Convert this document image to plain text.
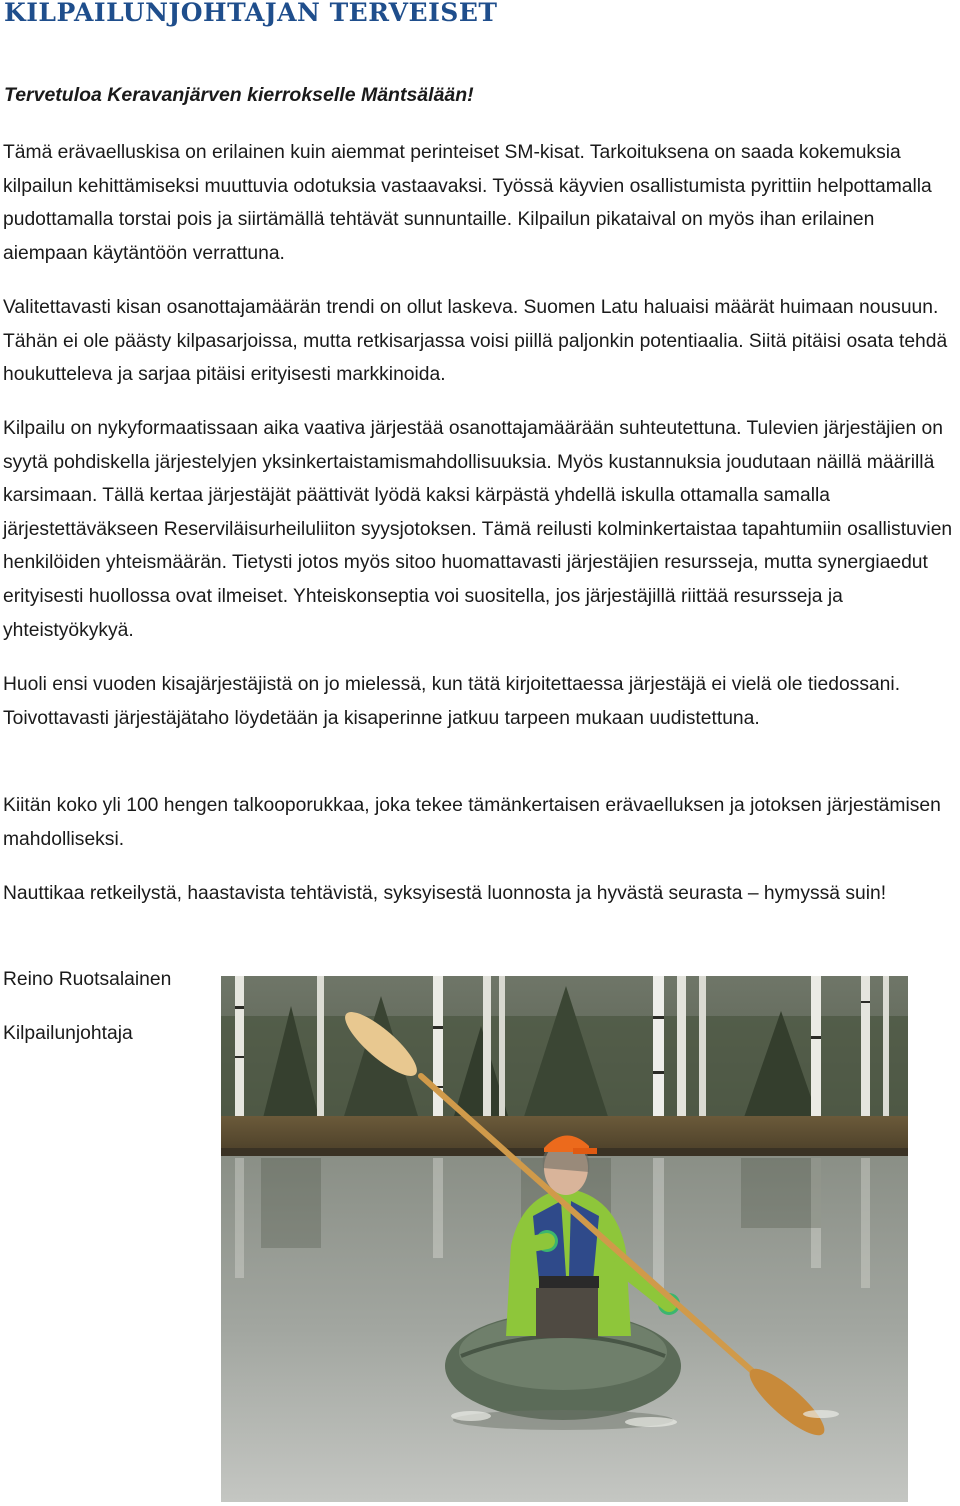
KILPAILUNJOHTAJAN TERVEISET

Tervetuloa Keravanjärven kierrokselle Mäntsälään!

Tämä erävaelluskisa on erilainen kuin aiemmat perinteiset SM-kisat. Tarkoituksena on saada kokemuksia kilpailun kehittämiseksi muuttuvia odotuksia vastaavaksi. Työssä käyvien osallistumista pyrittiin helpottamalla pudottamalla torstai pois ja siirtämällä tehtävät sunnuntaille. Kilpailun pikataival on myös ihan erilainen aiempaan käytäntöön verrattuna.

Valitettavasti kisan osanottajamäärän trendi on ollut laskeva. Suomen Latu haluaisi määrät huimaan nousuun. Tähän ei ole päästy kilpasarjoissa, mutta retkisarjassa voisi piillä paljonkin potentiaalia. Siitä pitäisi osata tehdä houkutteleva ja sarjaa pitäisi erityisesti markkinoida.

Kilpailu on nykyformaatissaan aika vaativa järjestää osanottajamäärään suhteutettuna. Tulevien järjestäjien on syytä pohdiskella järjestelyjen yksinkertaistamismahdollisuuksia. Myös kustannuksia joudutaan näillä määrillä karsimaan. Tällä kertaa järjestäjät päättivät lyödä kaksi kärpästä yhdellä iskulla ottamalla samalla järjestettäväkseen Reserviläisurheiluliiton syysjotoksen. Tämä reilusti kolminkertaistaa tapahtumiin osallistuvien henkilöiden yhteismäärän. Tietysti jotos myös sitoo huomattavasti järjestäjien resursseja, mutta synergiaedut erityisesti huollossa ovat ilmeiset. Yhteiskonseptia voi suositella, jos järjestäjillä riittää resursseja ja yhteistyökykyä.

Huoli ensi vuoden kisajärjestäjistä on jo mielessä, kun tätä kirjoitettaessa järjestäjä ei vielä ole tiedossani. Toivottavasti järjestäjätaho löydetään ja kisaperinne jatkuu tarpeen mukaan uudistettuna.

Kiitän koko yli 100 hengen talkooporukkaa, joka tekee tämänkertaisen erävaelluksen ja jotoksen järjestämisen mahdolliseksi.

Nauttikaa retkeilystä, haastavista tehtävistä, syksyisestä luonnosta ja hyvästä seurasta – hymyssä suin!

Reino Ruotsalainen

Kilpailunjohtaja
